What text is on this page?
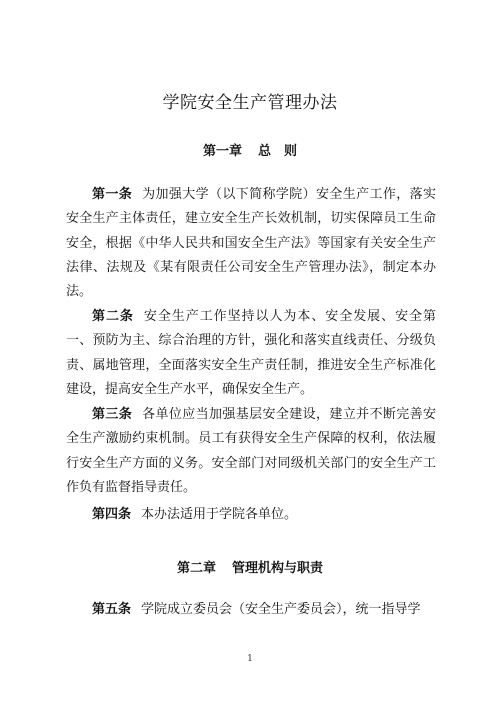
学院安全生产管理办法
第一章 总　则

第一条 为加强大学（以下简称学院）安全生产工作，落实安全生产主体责任，建立安全生产长效机制，切实保障员工生命安全，根据《中华人民共和国安全生产法》等国家有关安全生产法律、法规及《某有限责任公司安全生产管理办法》，制定本办法。

第二条 安全生产工作坚持以人为本、安全发展、安全第一、预防为主、综合治理的方针，强化和落实直线责任、分级负责、属地管理，全面落实安全生产责任制，推进安全生产标准化建设，提高安全生产水平，确保安全生产。

第三条 各单位应当加强基层安全建设，建立并不断完善安全生产激励约束机制。员工有获得安全生产保障的权利，依法履行安全生产方面的义务。安全部门对同级机关部门的安全生产工作负有监督指导责任。

第四条 本办法适用于学院各单位。

第二章 管理机构与职责

第五条 学院成立委员会（安全生产委员会），统一指导学

1
